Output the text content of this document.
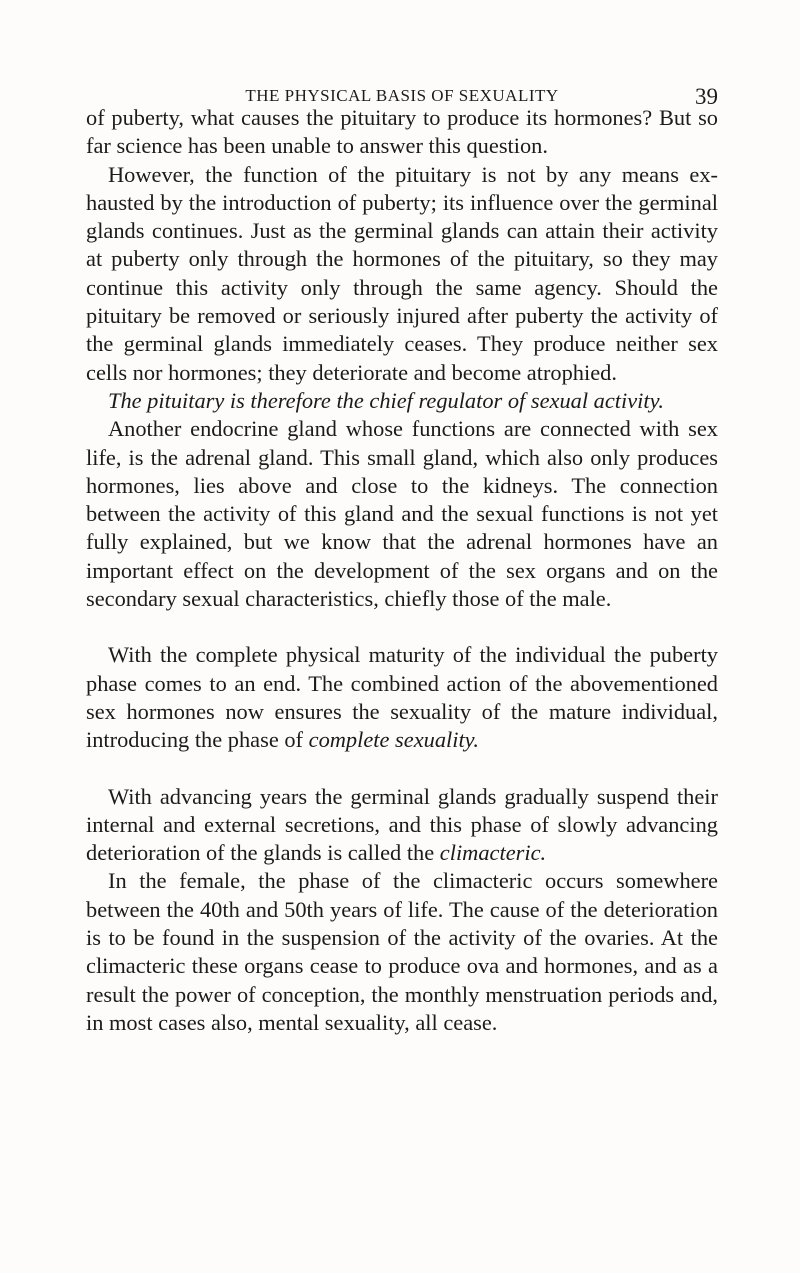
THE PHYSICAL BASIS OF SEXUALITY	39

of puberty, what causes the pituitary to produce its hormones? But so far science has been unable to answer this question.

However, the function of the pituitary is not by any means exhausted by the introduction of puberty; its influence over the germinal glands continues. Just as the germinal glands can attain their activity at puberty only through the hormones of the pituitary, so they may continue this activity only through the same agency. Should the pituitary be removed or seriously injured after puberty the activity of the germinal glands immediately ceases. They produce neither sex cells nor hormones; they deteriorate and become atrophied.

The pituitary is therefore the chief regulator of sexual activity.

Another endocrine gland whose functions are connected with sex life, is the adrenal gland. This small gland, which also only produces hormones, lies above and close to the kidneys. The connection between the activity of this gland and the sexual functions is not yet fully explained, but we know that the adrenal hormones have an important effect on the development of the sex organs and on the secondary sexual characteristics, chiefly those of the male.

With the complete physical maturity of the individual the puberty phase comes to an end. The combined action of the abovementioned sex hormones now ensures the sexuality of the mature individual, introducing the phase of complete sexuality.

With advancing years the germinal glands gradually suspend their internal and external secretions, and this phase of slowly advancing deterioration of the glands is called the climacteric.

In the female, the phase of the climacteric occurs somewhere between the 40th and 50th years of life. The cause of the deterioration is to be found in the suspension of the activity of the ovaries. At the climacteric these organs cease to produce ova and hormones, and as a result the power of conception, the monthly menstruation periods and, in most cases also, mental sexuality, all cease.
